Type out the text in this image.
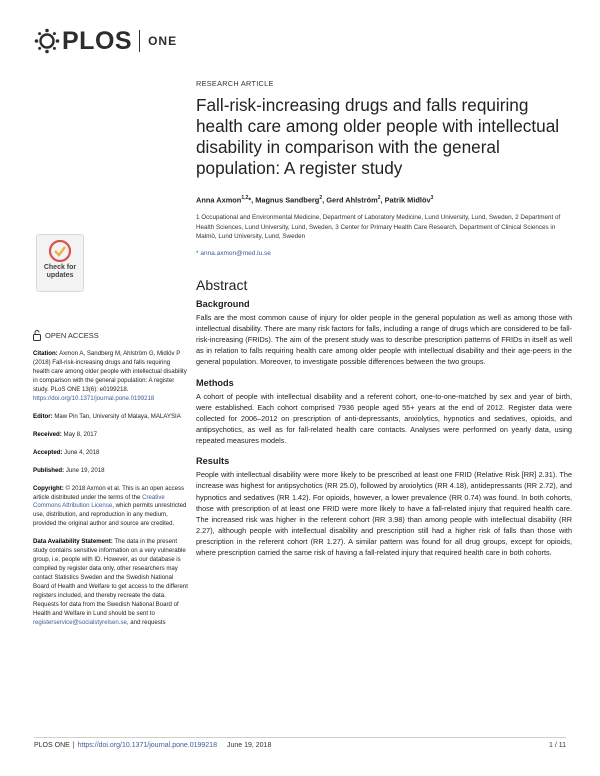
PLOS ONE
Check for updates
OPEN ACCESS
Citation: Axmon A, Sandberg M, Ahlström G, Midlöv P (2018) Fall-risk-increasing drugs and falls requiring health care among older people with intellectual disability in comparison with the general population: A register study. PLoS ONE 13(6): e0199218. https://doi.org/10.1371/journal.pone.0199218
Editor: Maw Pin Tan, University of Malaya, MALAYSIA
Received: May 8, 2017
Accepted: June 4, 2018
Published: June 19, 2018
Copyright: © 2018 Axmon et al. This is an open access article distributed under the terms of the Creative Commons Attribution License, which permits unrestricted use, distribution, and reproduction in any medium, provided the original author and source are credited.
Data Availability Statement: The data in the present study contains sensitive information on a very vulnerable group, i.e. people with ID. However, as our database is compiled by register data only, other researchers may contact Statistics Sweden and the Swedish National Board of Health and Welfare to get access to the different registers included, and thereby recreate the data. Requests for data from the Swedish National Board of Health and Welfare in Lund should be sent to registerservice@socialstyrelsen.se, and requests
RESEARCH ARTICLE
Fall-risk-increasing drugs and falls requiring health care among older people with intellectual disability in comparison with the general population: A register study
Anna Axmon$^{1,2}$*, Magnus Sandberg$^2$, Gerd Ahlström$^2$, Patrik Midlöv$^3$
1 Occupational and Environmental Medicine, Department of Laboratory Medicine, Lund University, Lund, Sweden, 2 Department of Health Sciences, Lund University, Lund, Sweden, 3 Center for Primary Health Care Research, Department of Clinical Sciences in Malmö, Lund University, Lund, Sweden
* anna.axmon@med.lu.se
Abstract
Background

Falls are the most common cause of injury for older people in the general population as well as among those with intellectual disability. There are many risk factors for falls, including a range of drugs which are considered to be fall-risk-increasing (FRIDs). The aim of the present study was to describe prescription patterns of FRIDs in itself as well as in relation to falls requiring health care among older people with intellectual disability and their age-peers in the general population. Moreover, to investigate possible differences between the two groups.

Methods

A cohort of people with intellectual disability and a referent cohort, one-to-one-matched by sex and year of birth, were established. Each cohort comprised 7936 people aged 55+ years at the end of 2012. Register data were collected for 2006–2012 on prescription of anti-depressants, anxiolytics, hypnotics and sedatives, opioids, and antipsychotics, as well as for fall-related health care contacts. Analyses were performed on yearly data, using repeated measures models.

Results

People with intellectual disability were more likely to be prescribed at least one FRID (Relative Risk [RR] 2.31). The increase was highest for antipsychotics (RR 25.0), followed by anxiolytics (RR 4.18), antidepressants (RR 2.72), and hypnotics and sedatives (RR 1.42). For opioids, however, a lower prevalence (RR 0.74) was found. In both cohorts, those with prescription of at least one FRID were more likely to have a fall-related injury that required health care. The increased risk was higher in the referent cohort (RR 3.98) than among people with intellectual disability (RR 2.27), although people with intellectual disability and prescription still had a higher risk of falls than those with prescription in the referent cohort (RR 1.27). A similar pattern was found for all drug groups, except for opioids, where prescription carried the same risk of having a fall-related injury that required health care in both cohorts.

PLOS ONE | https://doi.org/10.1371/journal.pone.0199218 June 19, 2018	1 / 11
